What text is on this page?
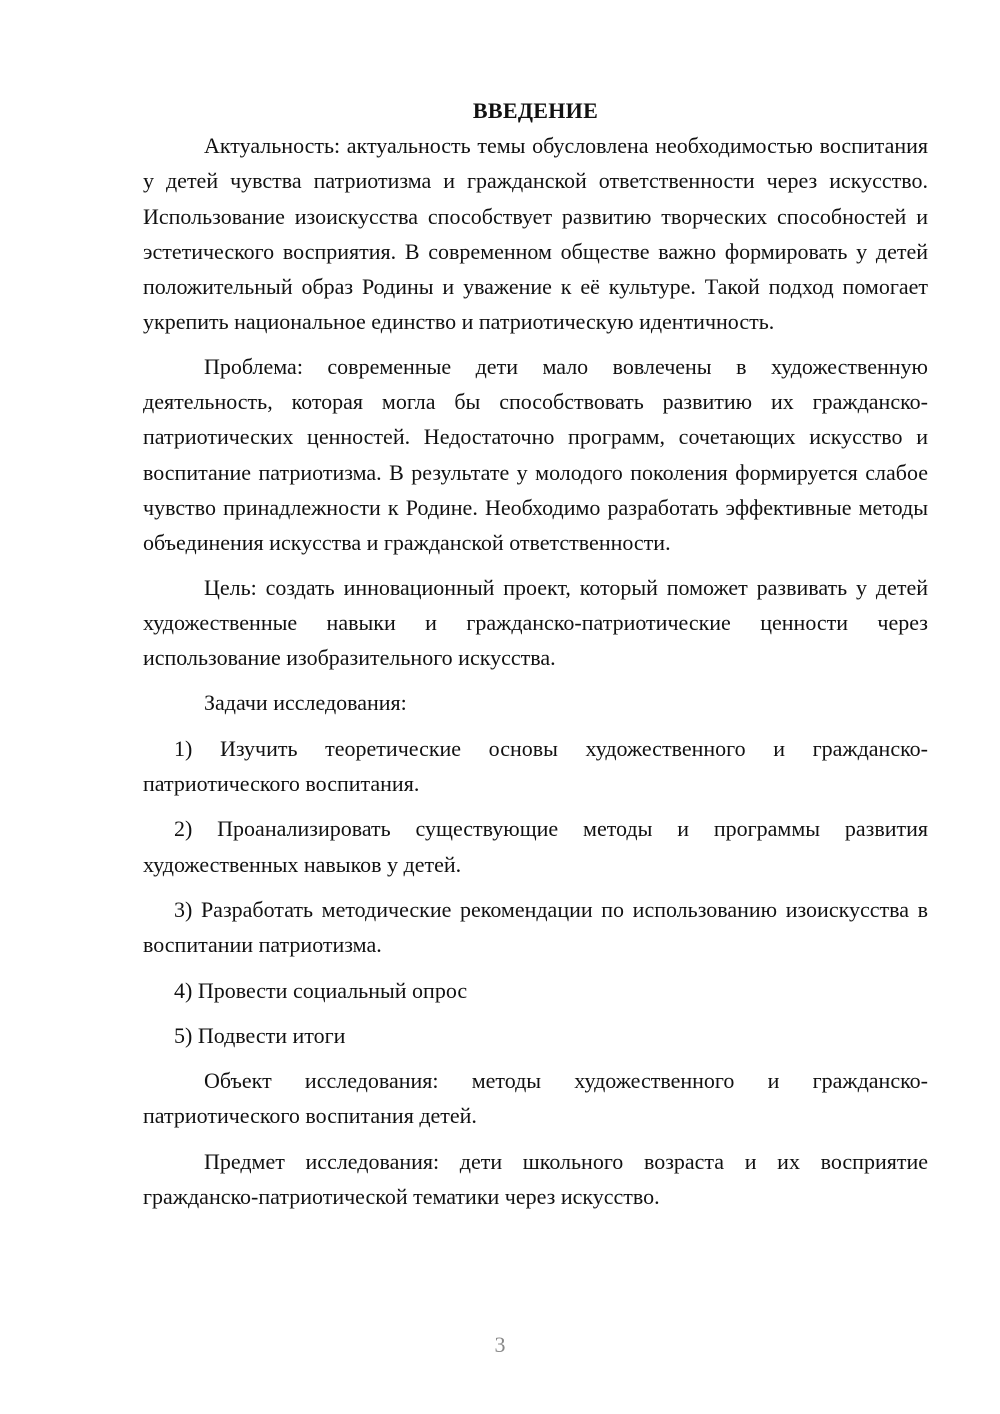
ВВЕДЕНИЕ

Актуальность: актуальность темы обусловлена необходимостью воспитания у детей чувства патриотизма и гражданской ответственности через искусство. Использование изоискусства способствует развитию творческих способностей и эстетического восприятия. В современном обществе важно формировать у детей положительный образ Родины и уважение к её культуре. Такой подход помогает укрепить национальное единство и патриотическую идентичность.

Проблема: современные дети мало вовлечены в художественную деятельность, которая могла бы способствовать развитию их гражданско-патриотических ценностей. Недостаточно программ, сочетающих искусство и воспитание патриотизма. В результате у молодого поколения формируется слабое чувство принадлежности к Родине. Необходимо разработать эффективные методы объединения искусства и гражданской ответственности.

Цель: создать инновационный проект, который поможет развивать у детей художественные навыки и гражданско-патриотические ценности через использование изобразительного искусства.

Задачи исследования:

1) Изучить теоретические основы художественного и гражданско-патриотического воспитания.

2) Проанализировать существующие методы и программы развития художественных навыков у детей.

3) Разработать методические рекомендации по использованию изоискусства в воспитании патриотизма.

4) Провести социальный опрос

5) Подвести итоги

Объект исследования: методы художественного и гражданско-патриотического воспитания детей.

Предмет исследования: дети школьного возраста и их восприятие гражданско-патриотической тематики через искусство.

3
